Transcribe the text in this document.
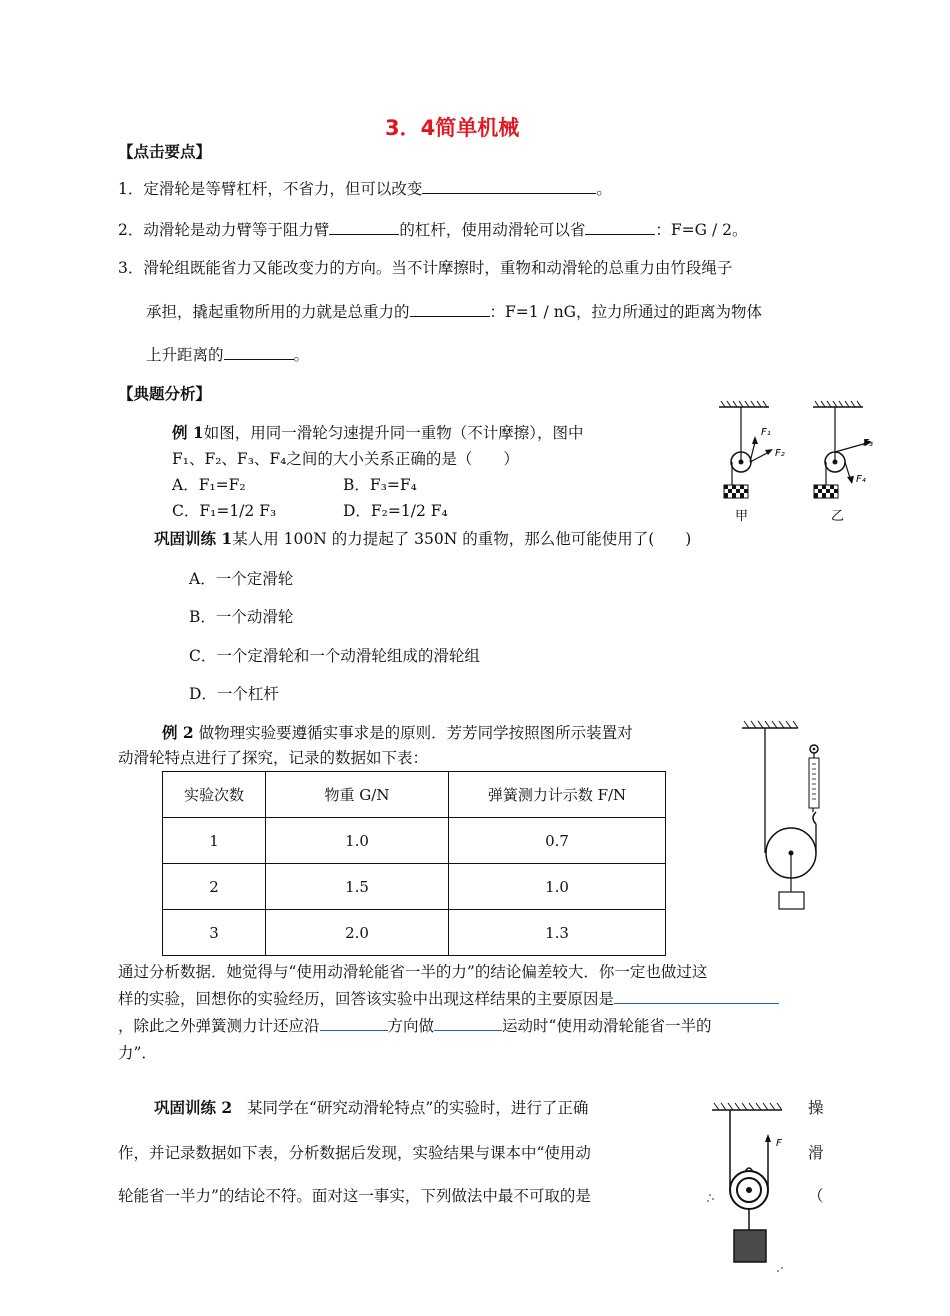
3．4简单机械
【点击要点】
1．定滑轮是等臂杠杆，不省力，但可以改变	。
2．动滑轮是动力臂等于阻力臂	的杠杆，使用动滑轮可以省	：F=G / 2。
3．滑轮组既能省力又能改变力的方向。当不计摩擦时，重物和动滑轮的总重力由竹段绳子
承担，撬起重物所用的力就是总重力的	：F=1 / nG，拉力所通过的距离为物体
上升距离的	。
【典题分析】
例 1如图，用同一滑轮匀速提升同一重物（不计摩擦），图中
F₁、F₂、F₃、F₄之间的大小关系正确的是（　　）
A．F₁=F₂	B．F₃=F₄
C．F₁=1/2 F₃	D．F₂=1/2 F₄
F₁
F₂
甲
F₃
F₄
乙
巩固训练 1某人用 100N 的力提起了 350N 的重物，那么他可能使用了(　　)
A．一个定滑轮
B．一个动滑轮
C．一个定滑轮和一个动滑轮组成的滑轮组
D．一个杠杆
例 2 做物理实验要遵循实事求是的原则．芳芳同学按照图所示装置对
动滑轮特点进行了探究，记录的数据如下表：
实验次数	物重 G/N	弹簧测力计示数 F/N
1	1.0	0.7
2	1.5	1.0
3	2.0	1.3
通过分析数据．她觉得与“使用动滑轮能省一半的力”的结论偏差较大．你一定也做过这
样的实验，回想你的实验经历，回答该实验中出现这样结果的主要原因是
，除此之外弹簧测力计还应沿	方向做	运动时“使用动滑轮能省一半的
力”．
巩固训练 2 某同学在“研究动滑轮特点”的实验时，进行了正确	操
作，并记录数据如下表，分析数据后发现，实验结果与课本中“使用动	滑
轮能省一半力”的结论不符。面对这一事实，下列做法中最不可取的是	（
F
